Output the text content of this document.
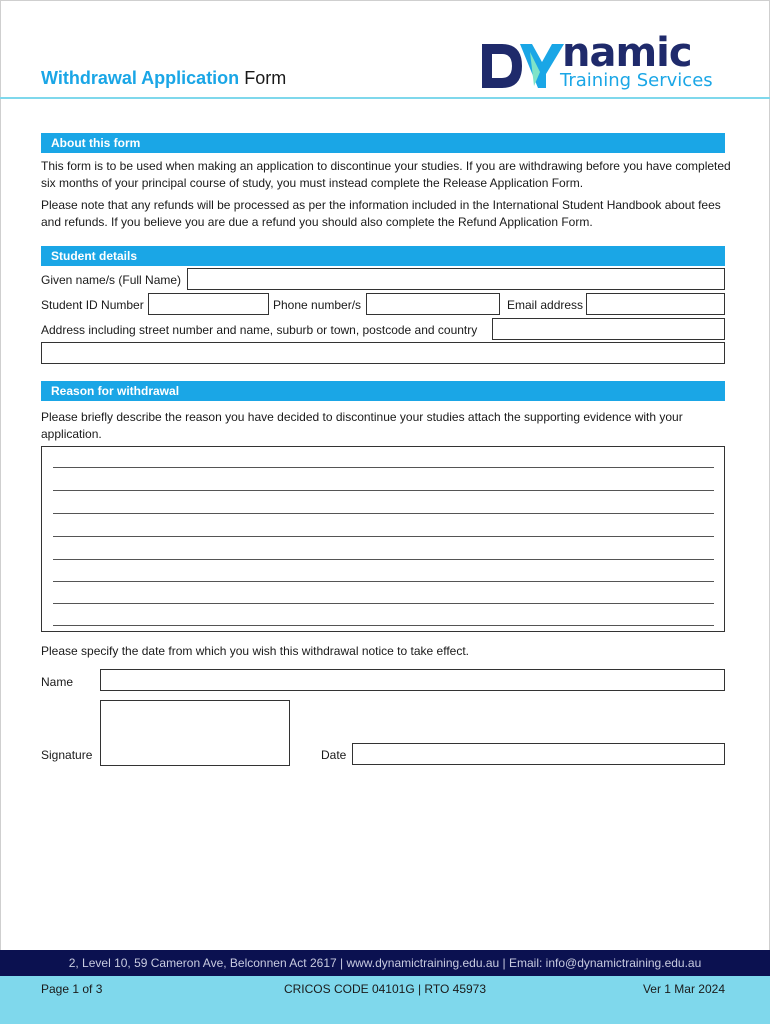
Withdrawal Application Form
namic
Training Services
About this form
This form is to be used when making an application to discontinue your studies. If you are withdrawing before you have completed six months of your principal course of study, you must instead complete the Release Application Form.
Please note that any refunds will be processed as per the information included in the International Student Handbook about fees and refunds. If you believe you are due a refund you should also complete the Refund Application Form.
Student details
Given name/s (Full Name)
Student ID Number	Phone number/s	Email address
Address including street number and name, suburb or town, postcode and country
Reason for withdrawal
Please briefly describe the reason you have decided to discontinue your studies attach the supporting evidence with your application.
Please specify the date from which you wish this withdrawal notice to take effect.
Name
Signature	Date
2, Level 10, 59 Cameron Ave, Belconnen Act 2617 | www.dynamictraining.edu.au | Email: info@dynamictraining.edu.au
Page 1 of 3	CRICOS CODE 04101G | RTO 45973	Ver 1 Mar 2024
